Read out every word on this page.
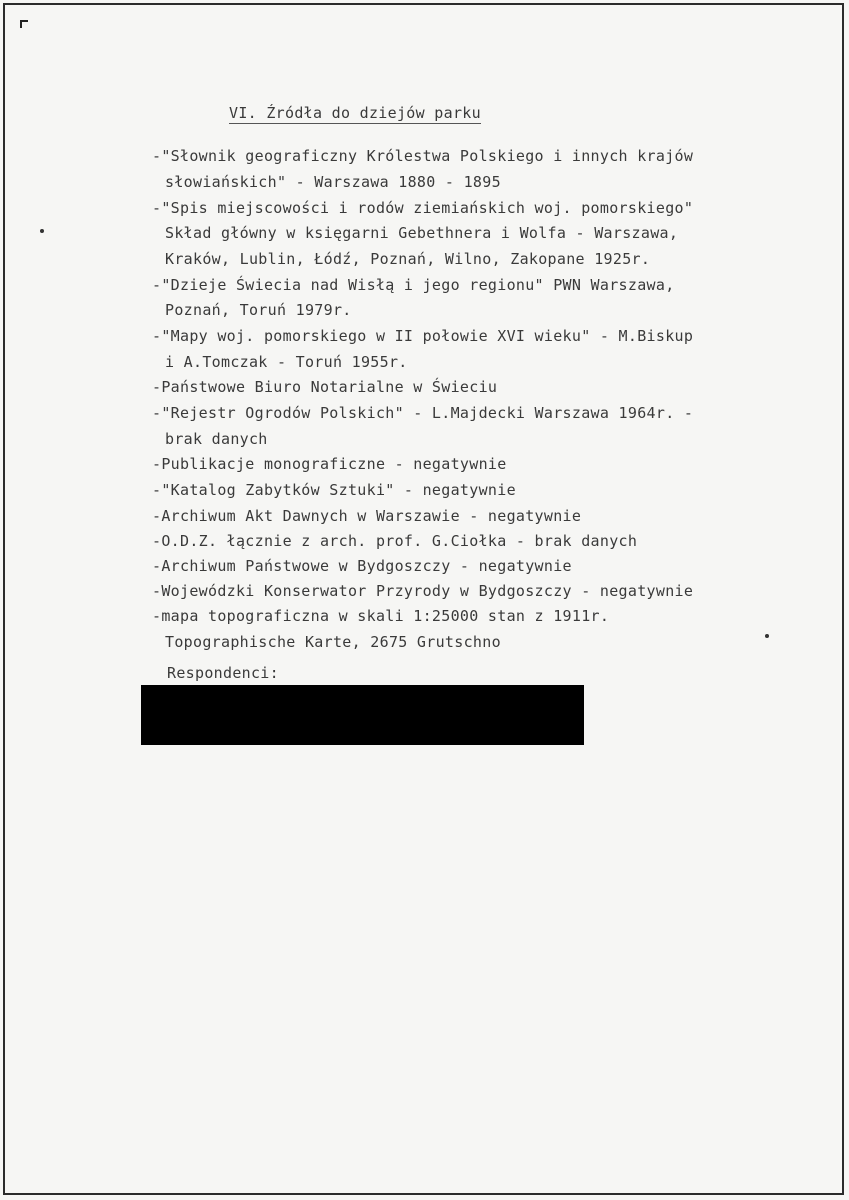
VI. Źródła do dziejów parku
-"Słownik geograficzny Królestwa Polskiego i innych krajów
słowiańskich" - Warszawa 1880 - 1895
-"Spis miejscowości i rodów ziemiańskich woj. pomorskiego"
Skład główny w księgarni Gebethnera i Wolfa - Warszawa,
Kraków, Lublin, Łódź, Poznań, Wilno, Zakopane 1925r.
-"Dzieje Świecia nad Wisłą i jego regionu" PWN Warszawa,
Poznań, Toruń 1979r.
-"Mapy woj. pomorskiego w II połowie XVI wieku" - M.Biskup
i A.Tomczak - Toruń 1955r.
-Państwowe Biuro Notarialne w Świeciu
-"Rejestr Ogrodów Polskich" - L.Majdecki Warszawa 1964r. -
brak danych
-Publikacje monograficzne - negatywnie
-"Katalog Zabytków Sztuki" - negatywnie
-Archiwum Akt Dawnych w Warszawie - negatywnie
-O.D.Z. łącznie z arch. prof. G.Ciołka - brak danych
-Archiwum Państwowe w Bydgoszczy - negatywnie
-Wojewódzki Konserwator Przyrody w Bydgoszczy - negatywnie
-mapa topograficzna w skali 1:25000 stan z 1911r.
Topographische Karte, 2675 Grutschno
Respondenci:
